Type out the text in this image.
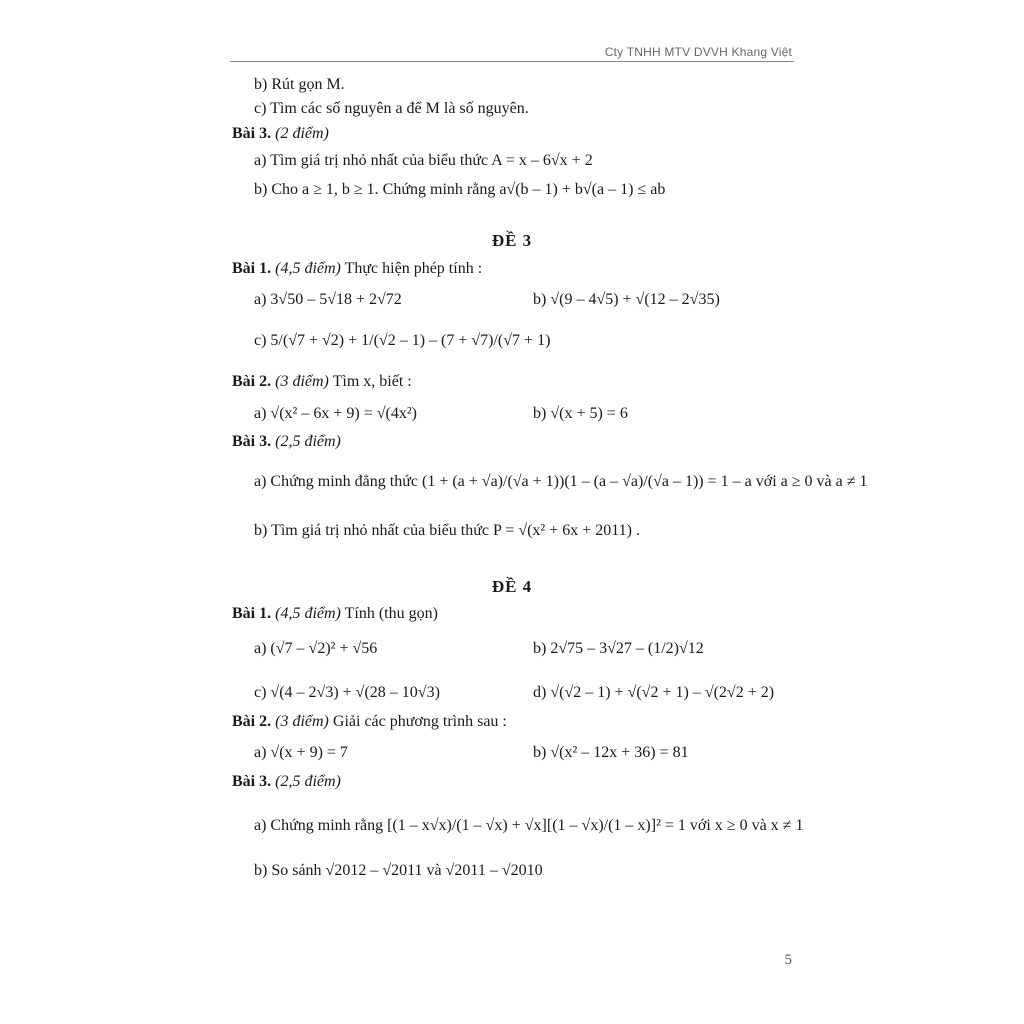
Cty TNHH MTV DVVH Khang Việt
b) Rút gọn M.
c) Tìm các số nguyên a để M là số nguyên.
Bài 3. (2 điểm)
a) Tìm giá trị nhỏ nhất của biểu thức A = x – 6√x + 2
b) Cho a ≥ 1, b ≥ 1. Chứng minh rằng a√(b – 1) + b√(a – 1) ≤ ab
ĐỀ 3
Bài 1. (4,5 điểm) Thực hiện phép tính :
a) 3√50 – 5√18 + 2√72	b) √(9 – 4√5) + √(12 – 2√35)
c) 5/(√7 + √2) + 1/(√2 – 1) – (7 + √7)/(√7 + 1)
Bài 2. (3 điểm) Tìm x, biết :
a) √(x² – 6x + 9) = √(4x²)	b) √(x + 5) = 6
Bài 3. (2,5 điểm)
a) Chứng minh đẳng thức (1 + (a + √a)/(√a + 1))(1 – (a – √a)/(√a – 1)) = 1 – a với a ≥ 0 và a ≠ 1
b) Tìm giá trị nhỏ nhất của biểu thức P = √(x² + 6x + 2011) .
ĐỀ 4
Bài 1. (4,5 điểm) Tính (thu gọn)
a) (√7 – √2)² + √56	b) 2√75 – 3√27 – (1/2)√12
c) √(4 – 2√3) + √(28 – 10√3)	d) √(√2 – 1) + √(√2 + 1) – √(2√2 + 2)
Bài 2. (3 điểm) Giải các phương trình sau :
a) √(x + 9) = 7	b) √(x² – 12x + 36) = 81
Bài 3. (2,5 điểm)
a) Chứng minh rằng [(1 – x√x)/(1 – √x) + √x][(1 – √x)/(1 – x)]² = 1 với x ≥ 0 và x ≠ 1
b) So sánh √2012 – √2011 và √2011 – √2010
5
